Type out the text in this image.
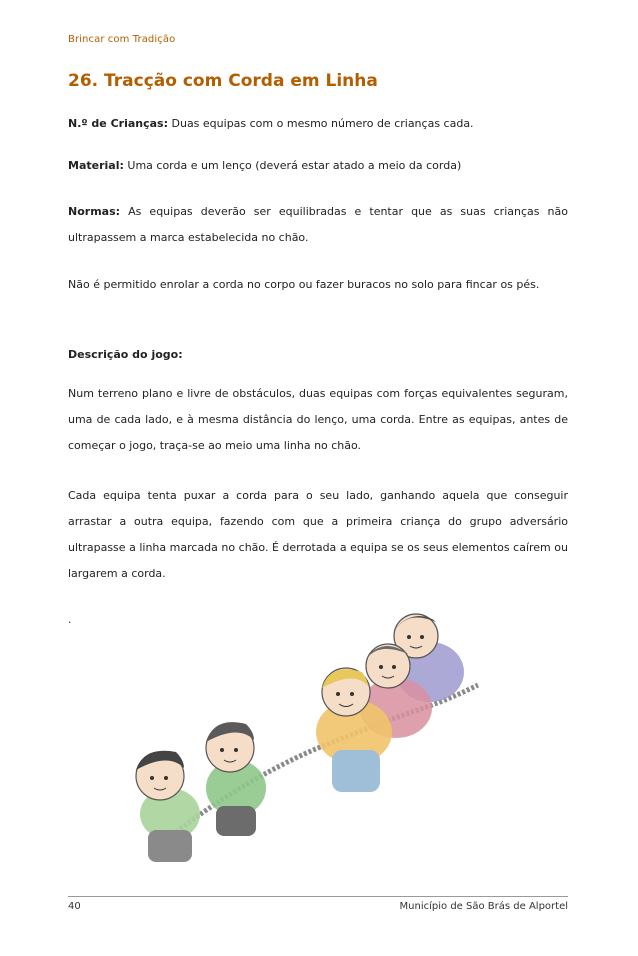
Brincar com Tradição
26. Tracção com Corda em Linha

N.º de Crianças: Duas equipas com o mesmo número de crianças cada.

Material: Uma corda e um lenço (deverá estar atado a meio da corda)

Normas: As equipas deverão ser equilibradas e tentar que as suas crianças não ultrapassem a marca estabelecida no chão.

Não é permitido enrolar a corda no corpo ou fazer buracos no solo para fincar os pés.

Descrição do jogo:

Num terreno plano e livre de obstáculos, duas equipas com forças equivalentes seguram, uma de cada lado, e à mesma distância do lenço, uma corda. Entre as equipas, antes de começar o jogo, traça-se ao meio uma linha no chão.

Cada equipa tenta puxar a corda para o seu lado, ganhando aquela que conseguir arrastar a outra equipa, fazendo com que a primeira criança do grupo adversário ultrapasse a linha marcada no chão. É derrotada a equipa se os seus elementos caírem ou largarem a corda.

.

40	Município de São Brás de Alportel
